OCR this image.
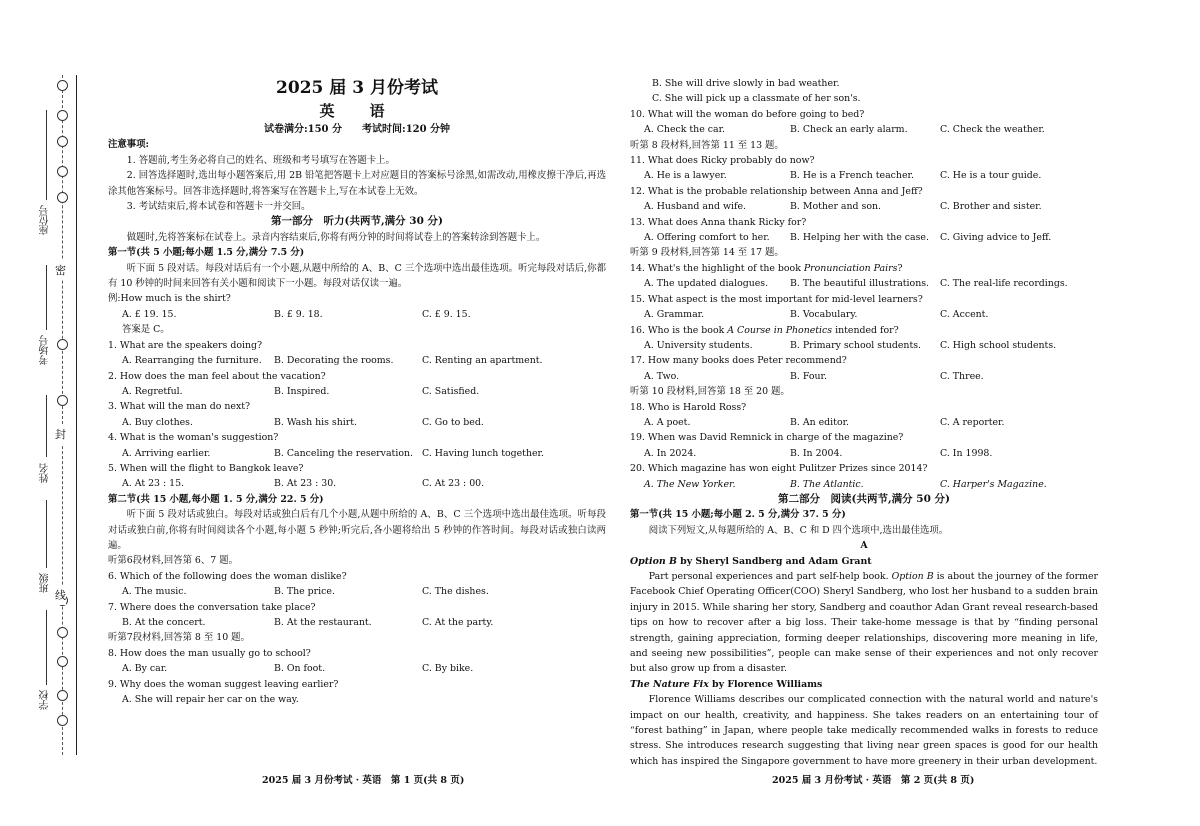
密
封
线
座位号
考场号
姓名
班级
学校
2025 届 3 月份考试
英　语
试卷满分:150 分　　考试时间:120 分钟
注意事项:
1. 答题前,考生务必将自己的姓名、班级和考号填写在答题卡上。
2. 回答选择题时,选出每小题答案后,用 2B 铅笔把答题卡上对应题目的答案标号涂黑,如需改动,用橡皮擦干净后,再选涂其他答案标号。回答非选择题时,将答案写在答题卡上,写在本试卷上无效。
3. 考试结束后,将本试卷和答题卡一并交回。
第一部分　听力(共两节,满分 30 分)
做题时,先将答案标在试卷上。录音内容结束后,你将有两分钟的时间将试卷上的答案转涂到答题卡上。
第一节(共 5 小题;每小题 1.5 分,满分 7.5 分)
听下面 5 段对话。每段对话后有一个小题,从题中所给的 A、B、C 三个选项中选出最佳选项。听完每段对话后,你都有 10 秒钟的时间来回答有关小题和阅读下一小题。每段对话仅读一遍。
例:How much is the shirt?
A. £ 19. 15.	B. £ 9. 18.	C. £ 9. 15.
答案是 C。
1. What are the speakers doing?
A. Rearranging the furniture.	B. Decorating the rooms.	C. Renting an apartment.
2. How does the man feel about the vacation?
A. Regretful.	B. Inspired.	C. Satisfied.
3. What will the man do next?
A. Buy clothes.	B. Wash his shirt.	C. Go to bed.
4. What is the woman's suggestion?
A. Arriving earlier.	B. Canceling the reservation. C. Having lunch together.
5. When will the flight to Bangkok leave?
A. At 23 : 15.	B. At 23 : 30.	C. At 23 : 00.
第二节(共 15 小题,每小题 1. 5 分,满分 22. 5 分)
听下面 5 段对话或独白。每段对话或独白后有几个小题,从题中所给的 A、B、C 三个选项中选出最佳选项。听每段对话或独白前,你将有时间阅读各个小题,每小题 5 秒钟;听完后,各小题将给出 5 秒钟的作答时间。每段对话或独白读两遍。
听第6段材料,回答第 6、7 题。
6. Which of the following does the woman dislike?
A. The music.	B. The price.	C. The dishes.
7. Where does the conversation take place?
B. At the concert.	B. At the restaurant.	C. At the party.
听第7段材料,回答第 8 至 10 题。
8. How does the man usually go to school?
A. By car.	B. On foot.	C. By bike.
9. Why does the woman suggest leaving earlier?
A. She will repair her car on the way.
B. She will drive slowly in bad weather.
C. She will pick up a classmate of her son's.
10. What will the woman do before going to bed?
A. Check the car.	B. Check an early alarm.	C. Check the weather.
听第 8 段材料,回答第 11 至 13 题。
11. What does Ricky probably do now?
A. He is a lawyer.	B. He is a French teacher.	C. He is a tour guide.
12. What is the probable relationship between Anna and Jeff?
A. Husband and wife.	B. Mother and son.	C. Brother and sister.
13. What does Anna thank Ricky for?
A. Offering comfort to her.	B. Helping her with the case.	C. Giving advice to Jeff.
听第 9 段材料,回答第 14 至 17 题。
14. What's the highlight of the book Pronunciation Pairs?
A. The updated dialogues.	B. The beautiful illustrations.	C. The real-life recordings.
15. What aspect is the most important for mid-level learners?
A. Grammar.	B. Vocabulary.	C. Accent.
16. Who is the book A Course in Phonetics intended for?
A. University students.	B. Primary school students.	C. High school students.
17. How many books does Peter recommend?
A. Two.	B. Four.	C. Three.
听第 10 段材料,回答第 18 至 20 题。
18. Who is Harold Ross?
A. A poet.	B. An editor.	C. A reporter.
19. When was David Remnick in charge of the magazine?
A. In 2024.	B. In 2004.	C. In 1998.
20. Which magazine has won eight Pulitzer Prizes since 2014?
A. The New Yorker.	B. The Atlantic.	C. Harper's Magazine.
第二部分　阅读(共两节,满分 50 分)
第一节(共 15 小题;每小题 2. 5 分,满分 37. 5 分)
阅读下列短文,从每题所给的 A、B、C 和 D 四个选项中,选出最佳选项。
A
Option B by Sheryl Sandberg and Adam Grant
Part personal experiences and part self-help book. Option B is about the journey of the former Facebook Chief Operating Officer(COO) Sheryl Sandberg, who lost her husband to a sudden brain injury in 2015. While sharing her story, Sandberg and coauthor Adan Grant reveal research-based tips on how to recover after a big loss. Their take-home message is that by “finding personal strength, gaining appreciation, forming deeper relationships, discovering more meaning in life, and seeing new possibilities”, people can make sense of their experiences and not only recover but also grow up from a disaster.
The Nature Fix by Florence Williams
Florence Williams describes our complicated connection with the natural world and nature's impact on our health, creativity, and happiness. She takes readers on an entertaining tour of “forest bathing” in Japan, where people take medically recommended walks in forests to reduce stress. She introduces research suggesting that living near green spaces is good for our health which has inspired the Singapore government to have more greenery in their urban development.
2025 届 3 月份考试 · 英语　第 1 页(共 8 页)	2025 届 3 月份考试 · 英语　第 2 页(共 8 页)
